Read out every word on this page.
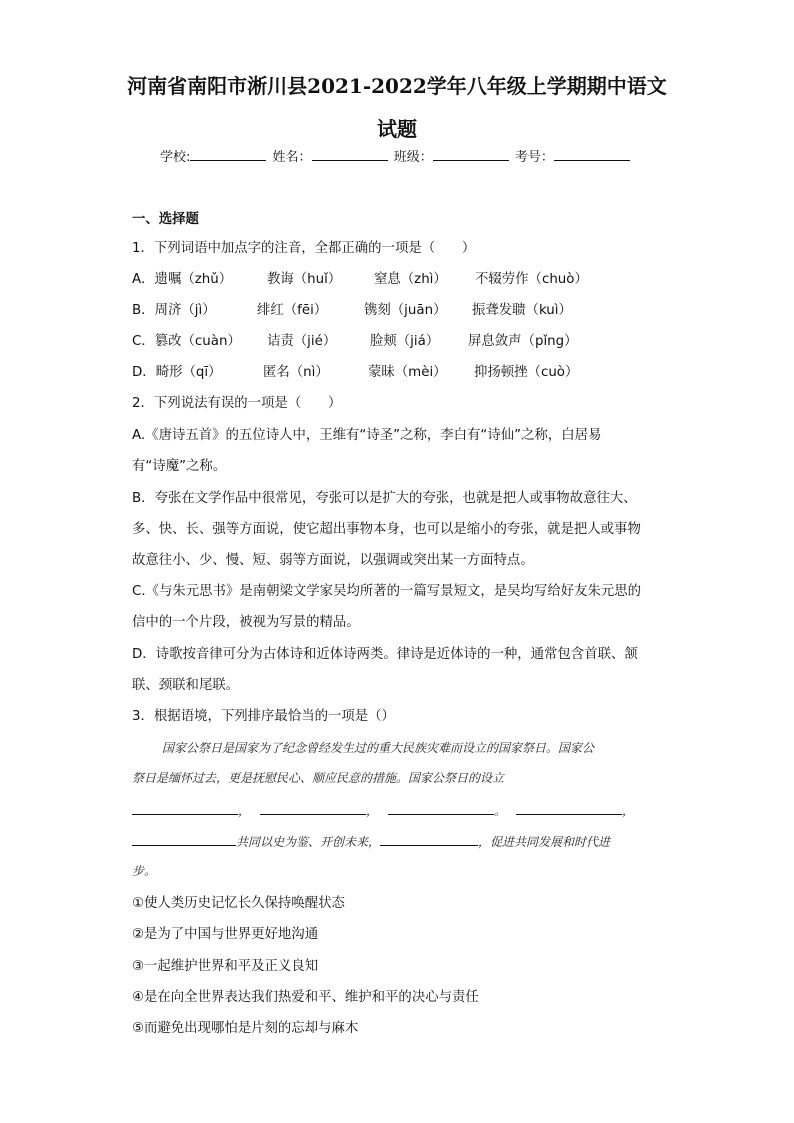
河南省南阳市淅川县2021-2022学年八年级上学期期中语文
试题
学校:	姓名：	班级：	考号：
一、选择题
1．下列词语中加点字的注音，全都正确的一项是（　　）
A．遗嘱（zhǔ）	教诲（huǐ） 窒息（zhì） 不辍劳作（chuò）
B．周济（jì）	绯红（fēi）	镌刻（juān） 振聋发聩（kuì）
C．篡改（cuàn） 诘责（jié）	脸颊（jiá） 屏息敛声（pǐng）
D．畸形（qī）	匿名（nì）	蒙昧（mèi） 抑扬顿挫（cuò）
2．下列说法有误的一项是（　　）
A.《唐诗五首》的五位诗人中，王维有“诗圣”之称，李白有“诗仙”之称，白居易
有“诗魔”之称。
B．夸张在文学作品中很常见，夸张可以是扩大的夸张，也就是把人或事物故意往大、
多、快、长、强等方面说，使它超出事物本身，也可以是缩小的夸张，就是把人或事物
故意往小、少、慢、短、弱等方面说，以强调或突出某一方面特点。
C.《与朱元思书》是南朝梁文学家吴均所著的一篇写景短文，是吴均写给好友朱元思的
信中的一个片段，被视为写景的精品。
D．诗歌按音律可分为古体诗和近体诗两类。律诗是近体诗的一种，通常包含首联、颔
联、颈联和尾联。
3．根据语境，下列排序最恰当的一项是（）
国家公祭日是国家为了纪念曾经发生过的重大民族灾难而设立的国家祭日。国家公
祭日是缅怀过去，更是抚慰民心、顺应民意的措施。国家公祭日的设立
，	，	。	，
共同以史为鉴、开创未来，	，促进共同发展和时代进
步。
①使人类历史记忆长久保持唤醒状态
②是为了中国与世界更好地沟通
③一起维护世界和平及正义良知
④是在向全世界表达我们热爱和平、维护和平的决心与责任
⑤而避免出现哪怕是片刻的忘却与麻木
